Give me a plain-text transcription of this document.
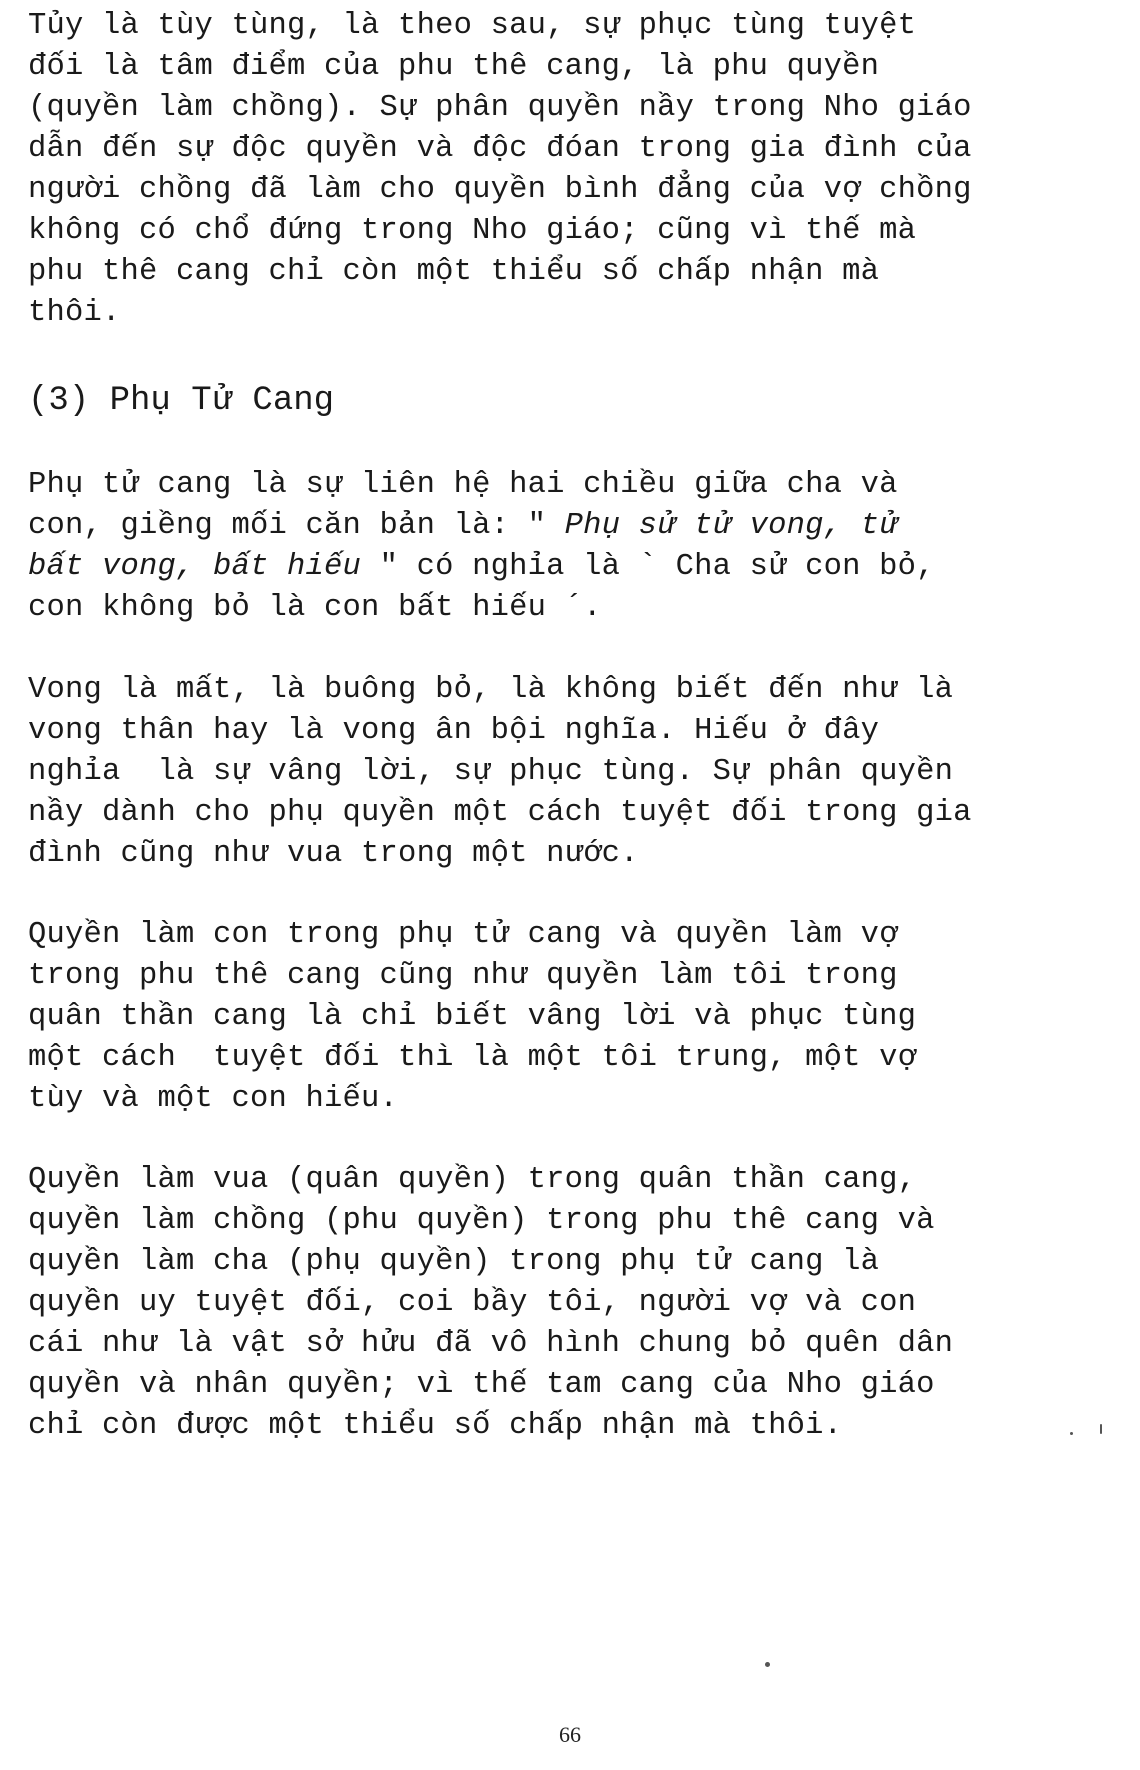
Tủy là tùy tùng, là theo sau, sự phục tùng tuyệt
đối là tâm điểm của phu thê cang, là phu quyền
(quyền làm chồng). Sự phân quyền nầy trong Nho giáo
dẫn đến sự độc quyền và độc đóan trong gia đình của
người chồng đã làm cho quyền bình đẳng của vợ chồng
không có chổ đứng trong Nho giáo; cũng vì thế mà
phu thê cang chỉ còn một thiểu số chấp nhận mà
thôi.
(3) Phụ Tử Cang
Phụ tử cang là sự liên hệ hai chiều giữa cha và
con, giềng mối căn bản là: " Phụ sử tử vong, tử
bất vong, bất hiếu " có nghỉa là ` Cha sử con bỏ,
con không bỏ là con bất hiếu ´.
Vong là mất, là buông bỏ, là không biết đến như là
vong thân hay là vong ân bội nghĩa. Hiếu ở đây
nghỉa  là sự vâng lời, sự phục tùng. Sự phân quyền
nầy dành cho phụ quyền một cách tuyệt đối trong gia
đình cũng như vua trong một nước.
Quyền làm con trong phụ tử cang và quyền làm vợ
trong phu thê cang cũng như quyền làm tôi trong
quân thần cang là chỉ biết vâng lời và phục tùng
một cách  tuyệt đối thì là một tôi trung, một vợ
tùy và một con hiếu.
Quyền làm vua (quân quyền) trong quân thần cang,
quyền làm chồng (phu quyền) trong phu thê cang và
quyền làm cha (phụ quyền) trong phụ tử cang là
quyền uy tuyệt đối, coi bầy tôi, người vợ và con
cái như là vật sở hửu đã vô hình chung bỏ quên dân
quyền và nhân quyền; vì thế tam cang của Nho giáo
chỉ còn được một thiểu số chấp nhận mà thôi.
66
